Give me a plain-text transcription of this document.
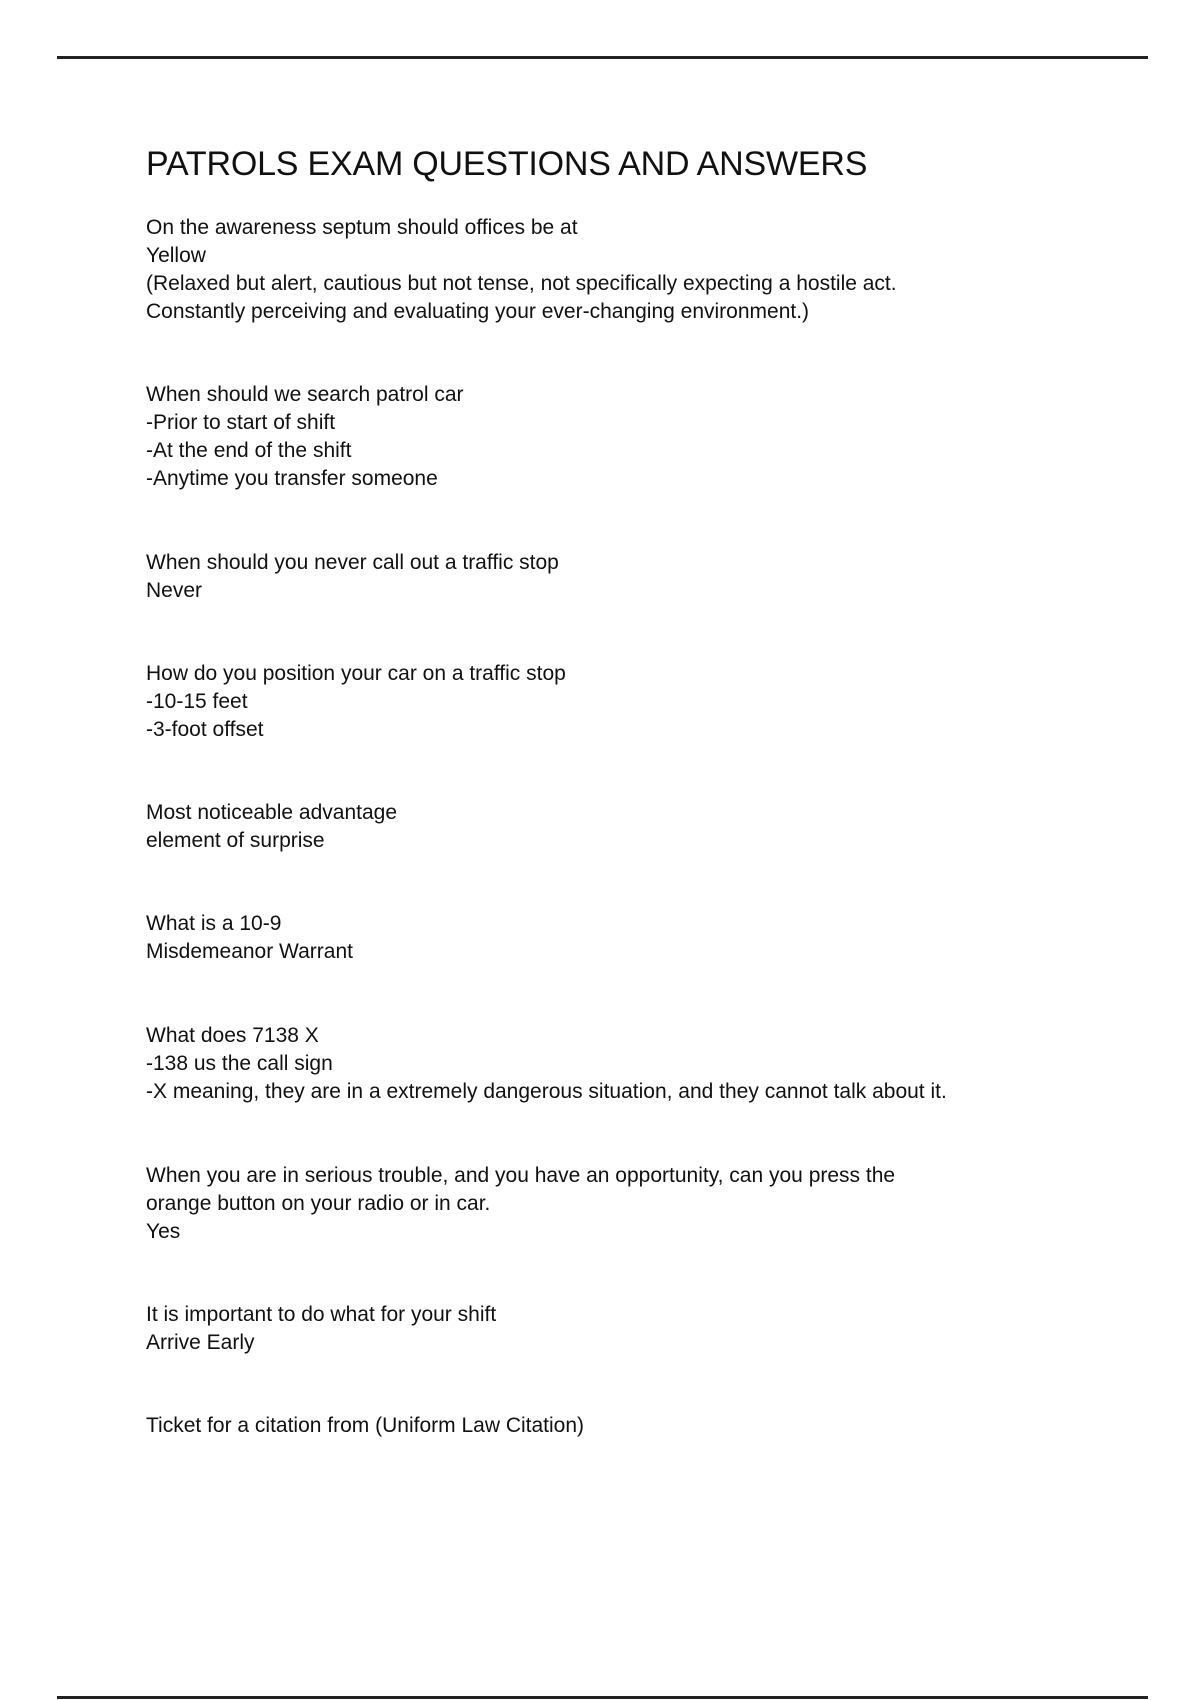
PATROLS EXAM QUESTIONS AND ANSWERS
On the awareness septum should offices be at
Yellow
(Relaxed but alert, cautious but not tense, not specifically expecting a hostile act.
Constantly perceiving and evaluating your ever-changing environment.)
When should we search patrol car
-Prior to start of shift
-At the end of the shift
-Anytime you transfer someone
When should you never call out a traffic stop
Never
How do you position your car on a traffic stop
-10-15 feet
-3-foot offset
Most noticeable advantage
element of surprise
What is a 10-9
Misdemeanor Warrant
What does 7138 X
-138 us the call sign
-X meaning, they are in a extremely dangerous situation, and they cannot talk about it.
When you are in serious trouble, and you have an opportunity, can you press the
orange button on your radio or in car.
Yes
It is important to do what for your shift
Arrive Early
Ticket for a citation from (Uniform Law Citation)
